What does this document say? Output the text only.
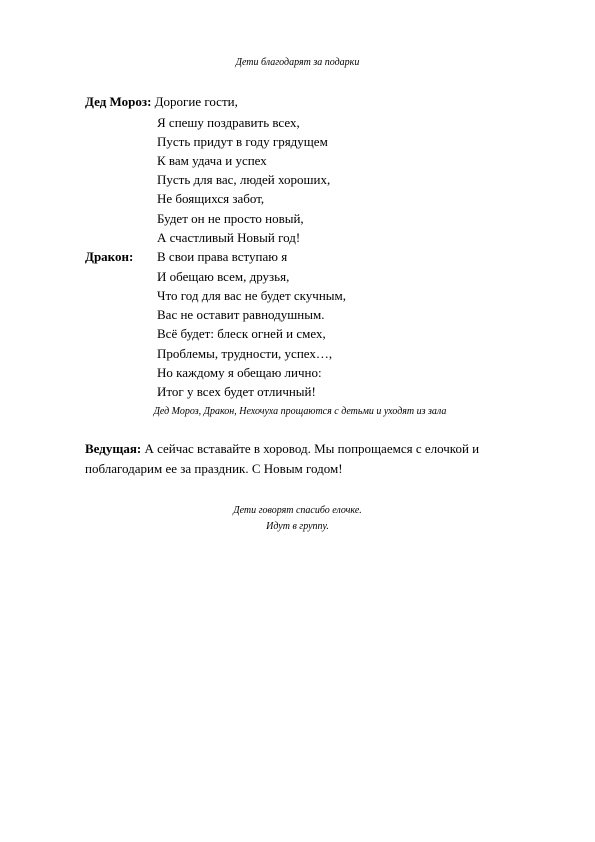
Дети благодарят за подарки
Дед Мороз: Дорогие гости,
Я спешу поздравить всех,
Пусть придут в году грядущем
К вам удача и успех
Пусть для вас, людей хороших,
Не боящихся забот,
Будет он не просто новый,
А счастливый Новый год!
Дракон: В свои права вступаю я
И обещаю всем, друзья,
Что год для вас не будет скучным,
Вас не оставит равнодушным.
Всё будет: блеск огней и смех,
Проблемы, трудности, успех…,
Но каждому я обещаю лично:
Итог у всех будет отличный!
Дед Мороз, Дракон, Нехочуха прощаются с детьми и уходят из зала
Ведущая: А сейчас вставайте в хоровод. Мы попрощаемся с елочкой и
поблагодарим ее за праздник. С Новым годом!
Дети говорят спасибо елочке.
Идут в группу.
